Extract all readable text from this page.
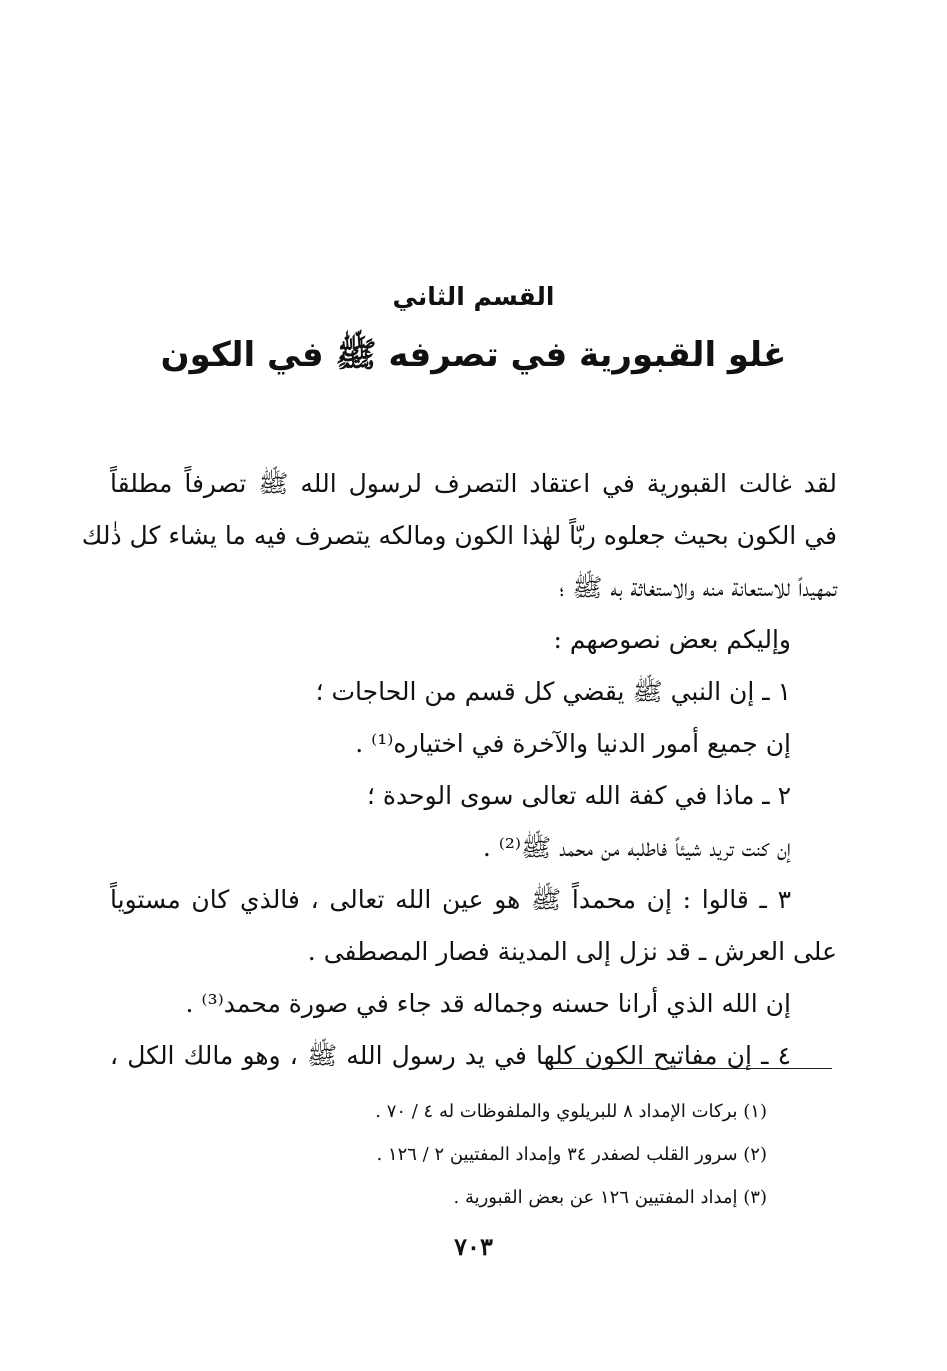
القسم الثاني
غلو القبورية في تصرفه ﷺ في الكون
لقد غالت القبورية في اعتقاد التصرف لرسول الله ﷺ تصرفاً مطلقاً
في الكون بحيث جعلوه ربّاً لهٰذا الكون ومالكه يتصرف فيه ما يشاء كل ذٰلك
تمهيداً للاستعانة منه والاستغاثة به ﷺ ؛
وإليكم بعض نصوصهم :
١ ـ إن النبي ﷺ يقضي كل قسم من الحاجات ؛
إن جميع أمور الدنيا والآخرة في اختياره⁽¹⁾ .
٢ ـ ماذا في كفة الله تعالى سوى الوحدة ؛
إن كنت تريد شيئاً فاطلبه من محمد ﷺ⁽²⁾ .
٣ ـ قالوا : إن محمداً ﷺ هو عين الله تعالى ، فالذي كان مستوياً
على العرش ـ قد نزل إلى المدينة فصار المصطفى .
إن الله الذي أرانا حسنه وجماله قد جاء في صورة محمد⁽³⁾ .
٤ ـ إن مفاتيح الكون كلها في يد رسول الله ﷺ ، وهو مالك الكل ،
(١) بركات الإمداد ٨ للبريلوي والملفوظات له ٤ / ٧٠ .
(٢) سرور القلب لصفدر ٣٤ وإمداد المفتيين ٢ / ١٢٦ .
(٣) إمداد المفتيين ١٢٦ عن بعض القبورية .
٧٠٣
